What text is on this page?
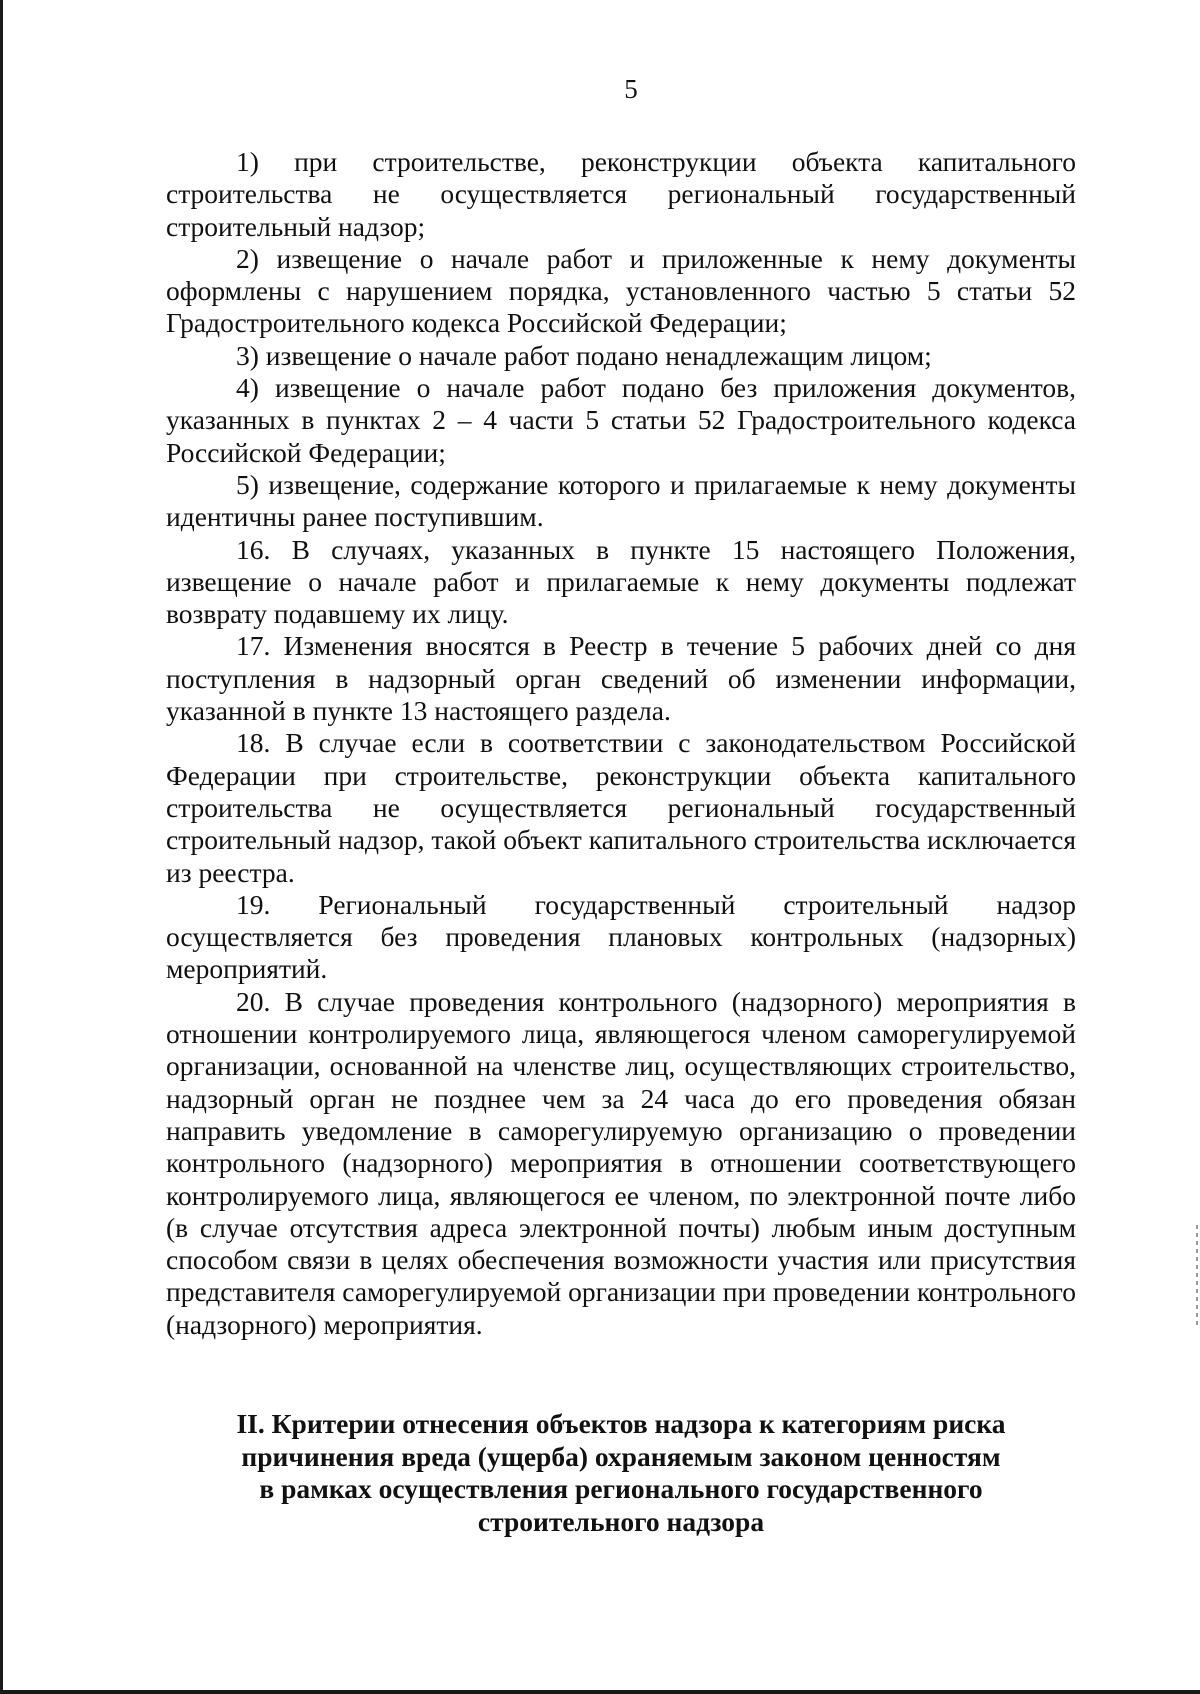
5

1) при строительстве, реконструкции объекта капитального строительства не осуществляется региональный государственный строительный надзор;

2) извещение о начале работ и приложенные к нему документы оформлены с нарушением порядка, установленного частью 5 статьи 52 Градостроительного кодекса Российской Федерации;

3) извещение о начале работ подано ненадлежащим лицом;

4) извещение о начале работ подано без приложения документов, указанных в пунктах 2 – 4 части 5 статьи 52 Градостроительного кодекса Российской Федерации;

5) извещение, содержание которого и прилагаемые к нему документы идентичны ранее поступившим.

16. В случаях, указанных в пункте 15 настоящего Положения, извещение о начале работ и прилагаемые к нему документы подлежат возврату подавшему их лицу.

17. Изменения вносятся в Реестр в течение 5 рабочих дней со дня поступления в надзорный орган сведений об изменении информации, указанной в пункте 13 настоящего раздела.

18. В случае если в соответствии с законодательством Российской Федерации при строительстве, реконструкции объекта капитального строительства не осуществляется региональный государственный строительный надзор, такой объект капитального строительства исключается из реестра.

19. Региональный государственный строительный надзор осуществляется без проведения плановых контрольных (надзорных) мероприятий.

20. В случае проведения контрольного (надзорного) мероприятия в отношении контролируемого лица, являющегося членом саморегулируемой организации, основанной на членстве лиц, осуществляющих строительство, надзорный орган не позднее чем за 24 часа до его проведения обязан направить уведомление в саморегулируемую организацию о проведении контрольного (надзорного) мероприятия в отношении соответствующего контролируемого лица, являющегося ее членом, по электронной почте либо (в случае отсутствия адреса электронной почты) любым иным доступным способом связи в целях обеспечения возможности участия или присутствия представителя саморегулируемой организации при проведении контрольного (надзорного) мероприятия.

II. Критерии отнесения объектов надзора к категориям риска
причинения вреда (ущерба) охраняемым законом ценностям
в рамках осуществления регионального государственного
строительного надзора
